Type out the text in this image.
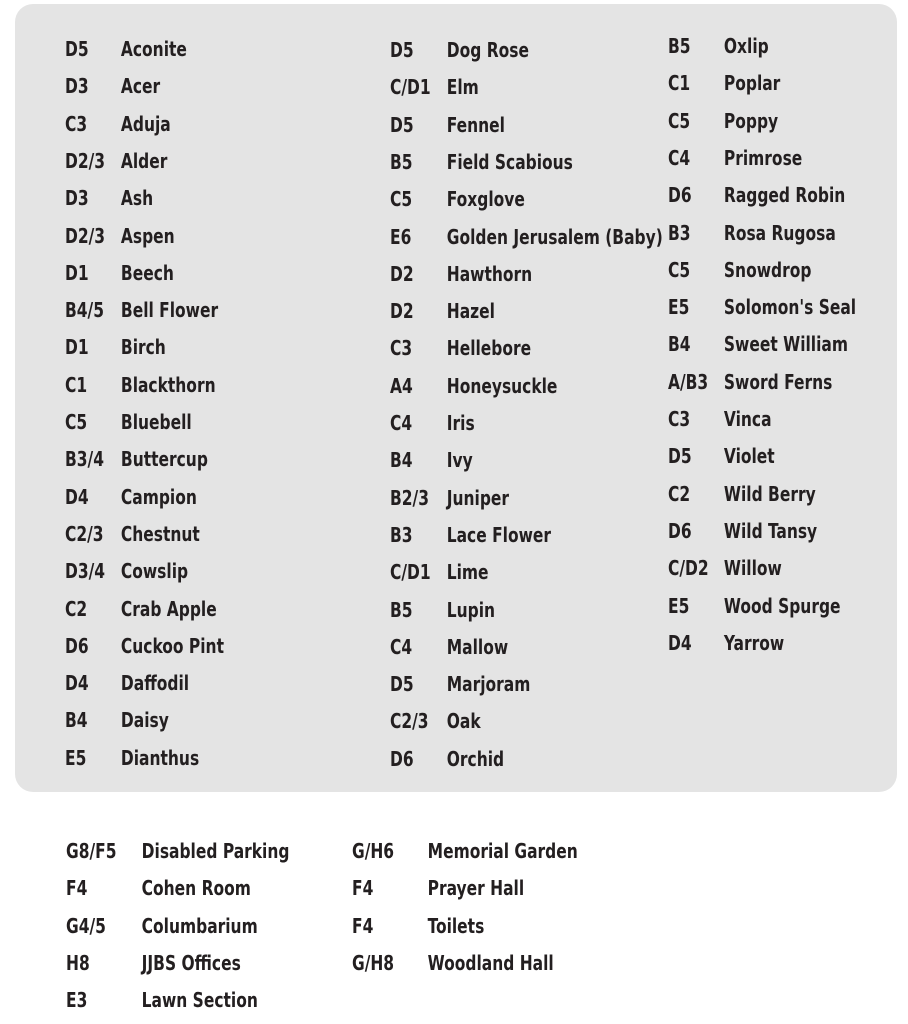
D5 Aconite
D3 Acer
C3 Aduja
D2/3 Alder
D3 Ash
D2/3 Aspen
D1 Beech
B4/5 Bell Flower
D1 Birch
C1 Blackthorn
C5 Bluebell
B3/4 Buttercup
D4 Campion
C2/3 Chestnut
D3/4 Cowslip
C2 Crab Apple
D6 Cuckoo Pint
D4 Daffodil
B4 Daisy
E5 Dianthus
D5 Dog Rose
C/D1 Elm
D5 Fennel
B5 Field Scabious
C5 Foxglove
E6 Golden Jerusalem (Baby)
D2 Hawthorn
D2 Hazel
C3 Hellebore
A4 Honeysuckle
C4 Iris
B4 Ivy
B2/3 Juniper
B3 Lace Flower
C/D1 Lime
B5 Lupin
C4 Mallow
D5 Marjoram
C2/3 Oak
D6 Orchid
B5 Oxlip
C1 Poplar
C5 Poppy
C4 Primrose
D6 Ragged Robin
B3 Rosa Rugosa
C5 Snowdrop
E5 Solomon's Seal
B4 Sweet William
A/B3 Sword Ferns
C3 Vinca
D5 Violet
C2 Wild Berry
D6 Wild Tansy
C/D2 Willow
E5 Wood Spurge
D4 Yarrow
G8/F5 Disabled Parking
F4	Cohen Room
G4/5 Columbarium
H8	JJBS Offices
E3	Lawn Section
G/H6 Memorial Garden
F4	Prayer Hall
F4	Toilets
G/H8 Woodland Hall
